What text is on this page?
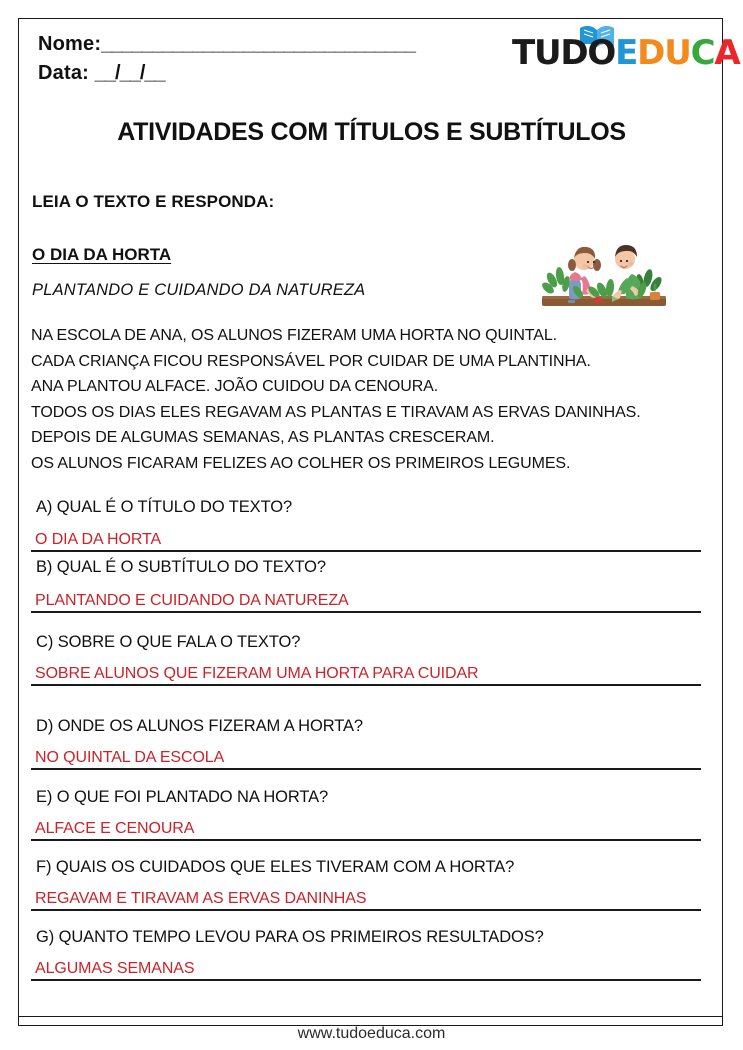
Nome:_______________________________
Data: __/__/__	TUDOEDUCA
ATIVIDADES COM TÍTULOS E SUBTÍTULOS
LEIA O TEXTO E RESPONDA:
O DIA DA HORTA
PLANTANDO E CUIDANDO DA NATUREZA
NA ESCOLA DE ANA, OS ALUNOS FIZERAM UMA HORTA NO QUINTAL.
CADA CRIANÇA FICOU RESPONSÁVEL POR CUIDAR DE UMA PLANTINHA.
ANA PLANTOU ALFACE. JOÃO CUIDOU DA CENOURA.
TODOS OS DIAS ELES REGAVAM AS PLANTAS E TIRAVAM AS ERVAS DANINHAS.
DEPOIS DE ALGUMAS SEMANAS, AS PLANTAS CRESCERAM.
OS ALUNOS FICARAM FELIZES AO COLHER OS PRIMEIROS LEGUMES.
A) QUAL É O TÍTULO DO TEXTO?
O DIA DA HORTA
B) QUAL É O SUBTÍTULO DO TEXTO?
PLANTANDO E CUIDANDO DA NATUREZA
C) SOBRE O QUE FALA O TEXTO?
SOBRE ALUNOS QUE FIZERAM UMA HORTA PARA CUIDAR
D) ONDE OS ALUNOS FIZERAM A HORTA?
NO QUINTAL DA ESCOLA
E) O QUE FOI PLANTADO NA HORTA?
ALFACE E CENOURA
F) QUAIS OS CUIDADOS QUE ELES TIVERAM COM A HORTA?
REGAVAM E TIRAVAM AS ERVAS DANINHAS
G) QUANTO TEMPO LEVOU PARA OS PRIMEIROS RESULTADOS?
ALGUMAS SEMANAS
www.tudoeduca.com
